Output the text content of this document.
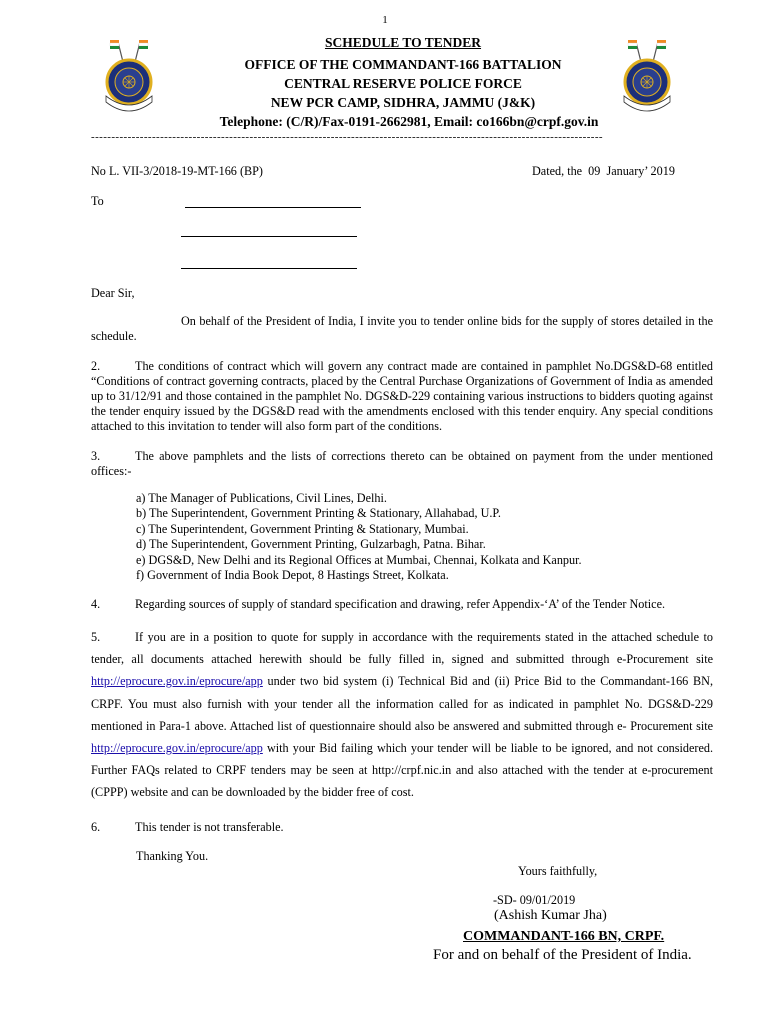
1
SCHEDULE TO TENDER
OFFICE OF THE COMMANDANT-166 BATTALION
CENTRAL RESERVE POLICE FORCE
NEW PCR CAMP, SIDHRA, JAMMU (J&K)
Telephone: (C/R)/Fax-0191-2662981, Email: co166bn@crpf.gov.in
------------------------------------------------------------------------------------------------------------------------------
No L. VII-3/2018-19-MT-166 (BP)	Dated, the  09  January’ 2019
To
Dear Sir,

On behalf of the President of India, I invite you to tender online bids for the supply of stores detailed in the schedule.

2.	The conditions of contract which will govern any contract made are contained in pamphlet No.DGS&D-68 entitled “Conditions of contract governing contracts, placed by the Central Purchase Organizations of Government of India as amended up to 31/12/91 and those contained in the pamphlet No. DGS&D-229 containing various instructions to bidders quoting against the tender enquiry issued by the DGS&D read with the amendments enclosed with this tender enquiry. Any special conditions attached to this invitation to tender will also form part of the conditions.

3.	The above pamphlets and the lists of corrections thereto can be obtained on payment from the under mentioned offices:-

a) The Manager of Publications, Civil Lines, Delhi.
b) The Superintendent, Government Printing & Stationary, Allahabad, U.P.
c) The Superintendent, Government Printing & Stationary, Mumbai.
d) The Superintendent, Government Printing, Gulzarbagh, Patna. Bihar.
e) DGS&D, New Delhi and its Regional Offices at Mumbai, Chennai, Kolkata and Kanpur.
f) Government of India Book Depot, 8 Hastings Street, Kolkata.

4.	Regarding sources of supply of standard specification and drawing, refer Appendix-‘A’ of the Tender Notice.

5.	If you are in a position to quote for supply in accordance with the requirements stated in the attached schedule to tender, all documents attached herewith should be fully filled in, signed and submitted through e-Procurement site http://eprocure.gov.in/eprocure/app under two bid system (i) Technical Bid and (ii) Price Bid to the Commandant-166 BN, CRPF. You must also furnish with your tender all the information called for as indicated in pamphlet No. DGS&D-229 mentioned in Para-1 above. Attached list of questionnaire should also be answered and submitted through e- Procurement site http://eprocure.gov.in/eprocure/app with your Bid failing which your tender will be liable to be ignored, and not considered. Further FAQs related to CRPF tenders may be seen at http://crpf.nic.in and also attached with the tender at e-procurement (CPPP) website and can be downloaded by the bidder free of cost.

6.	This tender is not transferable.

Thanking You.
Yours faithfully,
-SD- 09/01/2019
(Ashish Kumar Jha)
COMMANDANT-166 BN, CRPF.
For and on behalf of the President of India.
